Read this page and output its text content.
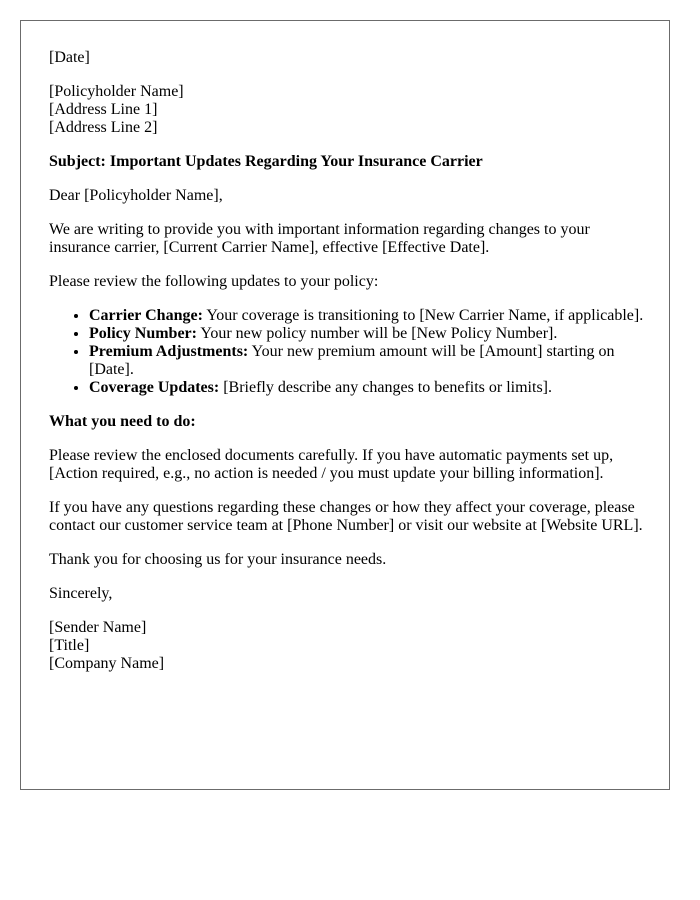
[Date]

[Policyholder Name]
[Address Line 1]
[Address Line 2]

Subject: Important Updates Regarding Your Insurance Carrier

Dear [Policyholder Name],

We are writing to provide you with important information regarding changes to your insurance carrier, [Current Carrier Name], effective [Effective Date].

Please review the following updates to your policy:

• Carrier Change: Your coverage is transitioning to [New Carrier Name, if applicable].
• Policy Number: Your new policy number will be [New Policy Number].
• Premium Adjustments: Your new premium amount will be [Amount] starting on [Date].
• Coverage Updates: [Briefly describe any changes to benefits or limits].

What you need to do:

Please review the enclosed documents carefully. If you have automatic payments set up, [Action required, e.g., no action is needed / you must update your billing information].

If you have any questions regarding these changes or how they affect your coverage, please contact our customer service team at [Phone Number] or visit our website at [Website URL].

Thank you for choosing us for your insurance needs.

Sincerely,

[Sender Name]
[Title]
[Company Name]
